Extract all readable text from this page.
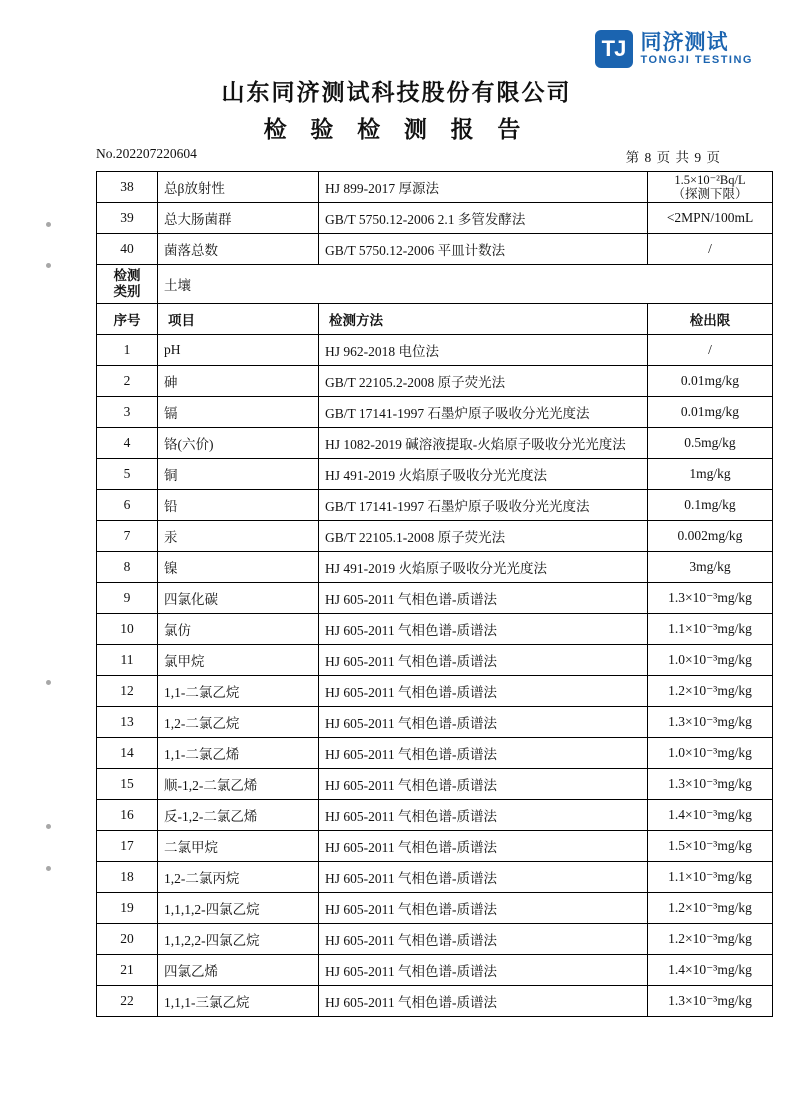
TJ 同济测试
TONGJI TESTING
山东同济测试科技股份有限公司
检 验 检 测 报 告
No.202207220604	第 8 页 共 9 页
38	总β放射性	HJ 899-2017 厚源法	1.5×10⁻²Bq/L
（探测下限）

39	总大肠菌群	GB/T 5750.12-2006 2.1 多管发酵法	<2MPN/100mL
40	菌落总数	GB/T 5750.12-2006 平皿计数法	/

检测
类别	土壤		
序号	项目	检测方法	检出限
1	pH	HJ 962-2018 电位法	/
2	砷	GB/T 22105.2-2008 原子荧光法	0.01mg/kg
3	镉	GB/T 17141-1997 石墨炉原子吸收分光光度法	0.01mg/kg
4	铬(六价)	HJ 1082-2019 碱溶液提取-火焰原子吸收分光光度法	0.5mg/kg
5	铜	HJ 491-2019 火焰原子吸收分光光度法	1mg/kg
6	铅	GB/T 17141-1997 石墨炉原子吸收分光光度法	0.1mg/kg
7	汞	GB/T 22105.1-2008 原子荧光法	0.002mg/kg
8	镍	HJ 491-2019 火焰原子吸收分光光度法	3mg/kg
9	四氯化碳	HJ 605-2011 气相色谱-质谱法	1.3×10⁻³mg/kg
10	氯仿	HJ 605-2011 气相色谱-质谱法	1.1×10⁻³mg/kg
11	氯甲烷	HJ 605-2011 气相色谱-质谱法	1.0×10⁻³mg/kg
12	1,1-二氯乙烷	HJ 605-2011 气相色谱-质谱法	1.2×10⁻³mg/kg
13	1,2-二氯乙烷	HJ 605-2011 气相色谱-质谱法	1.3×10⁻³mg/kg
14	1,1-二氯乙烯	HJ 605-2011 气相色谱-质谱法	1.0×10⁻³mg/kg
15	顺-1,2-二氯乙烯	HJ 605-2011 气相色谱-质谱法	1.3×10⁻³mg/kg
16	反-1,2-二氯乙烯	HJ 605-2011 气相色谱-质谱法	1.4×10⁻³mg/kg
17	二氯甲烷	HJ 605-2011 气相色谱-质谱法	1.5×10⁻³mg/kg
18	1,2-二氯丙烷	HJ 605-2011 气相色谱-质谱法	1.1×10⁻³mg/kg
19	1,1,1,2-四氯乙烷	HJ 605-2011 气相色谱-质谱法	1.2×10⁻³mg/kg
20	1,1,2,2-四氯乙烷	HJ 605-2011 气相色谱-质谱法	1.2×10⁻³mg/kg
21	四氯乙烯	HJ 605-2011 气相色谱-质谱法	1.4×10⁻³mg/kg
22	1,1,1-三氯乙烷	HJ 605-2011 气相色谱-质谱法	1.3×10⁻³mg/kg
